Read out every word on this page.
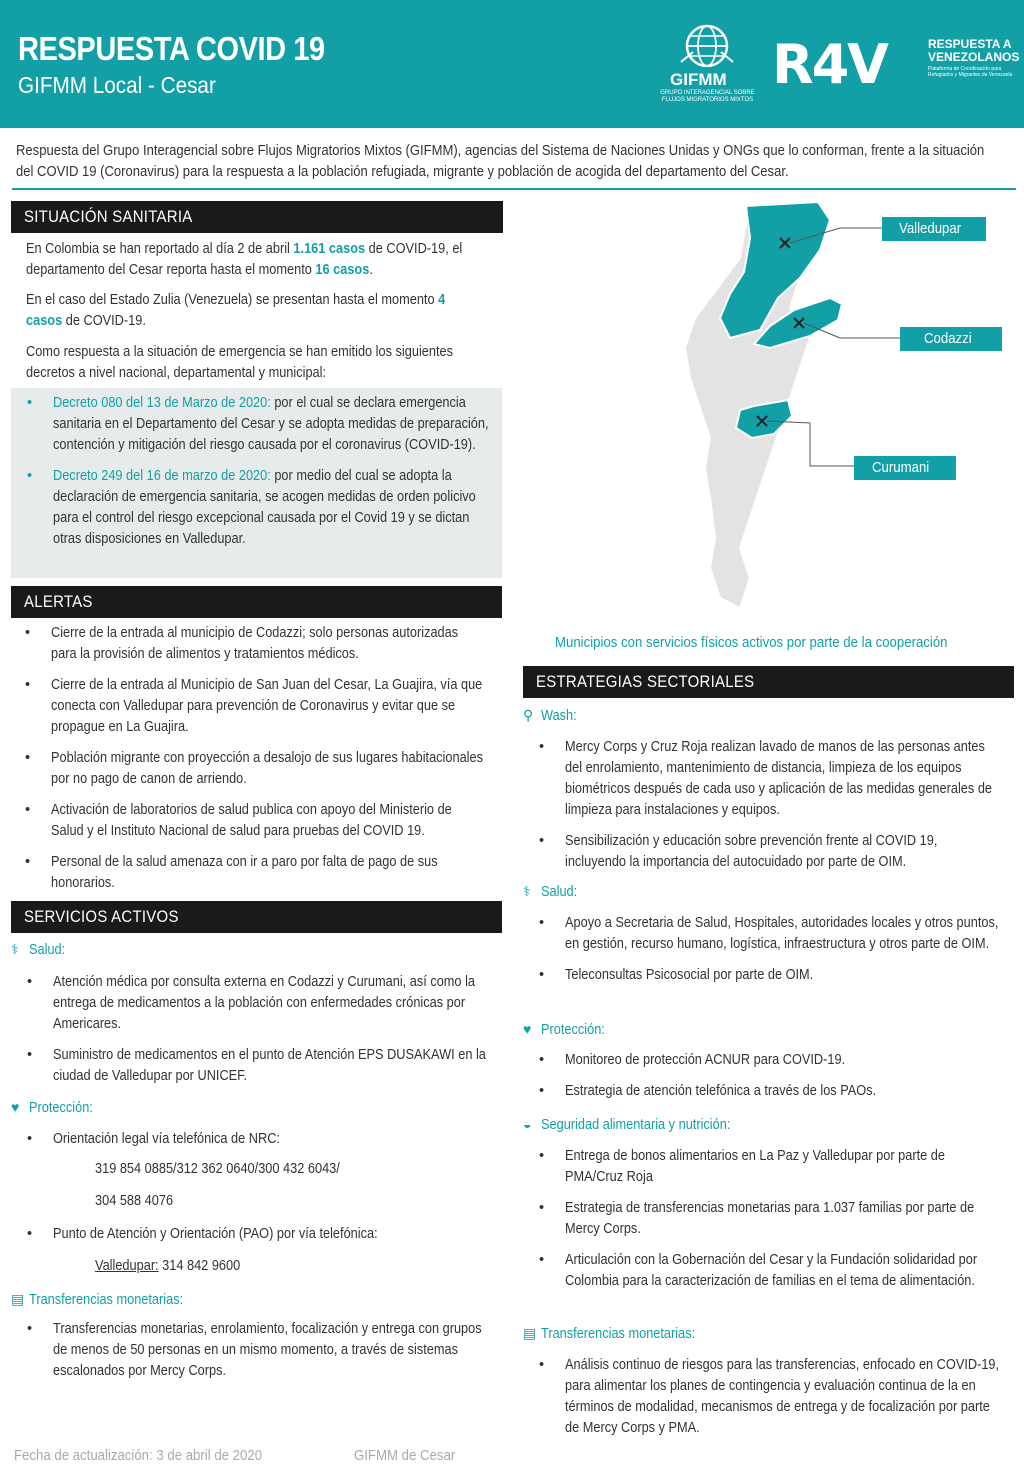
RESPUESTA COVID 19
GIFMM Local - Cesar	GIFMM
GRUPO INTERAGENCIAL SOBRE FLUJOS MIGRATORIOS MIXTOS
R4V	RESPUESTA A VENEZOLANOS
Plataforma de Coordinación para Refugiados y Migrantes de Venezuela
Respuesta del Grupo Interagencial sobre Flujos Migratorios Mixtos (GIFMM), agencias del Sistema de Naciones Unidas y ONGs que lo conforman, frente a la situación del COVID 19 (Coronavirus) para la respuesta a la población refugiada, migrante y población de acogida del departamento del Cesar.
SITUACIÓN SANITARIA
En Colombia se han reportado al día 2 de abril 1.161 casos de COVID-19, el departamento del Cesar reporta hasta el momento 16 casos.
En el caso del Estado Zulia (Venezuela) se presentan hasta el momento 4 casos de COVID-19.
Como respuesta a la situación de emergencia se han emitido los siguientes decretos a nivel nacional, departamental y municipal:
• Decreto 080 del 13 de Marzo de 2020: por el cual se declara emergencia sanitaria en el Departamento del Cesar y se adopta medidas de preparación, contención y mitigación del riesgo causada por el coronavirus (COVID-19).
• Decreto 249 del 16 de marzo de 2020: por medio del cual se adopta la declaración de emergencia sanitaria, se acogen medidas de orden policivo para el control del riesgo excepcional causada por el Covid 19 y se dictan otras disposiciones en Valledupar.
ALERTAS
• Cierre de la entrada al municipio de Codazzi; solo personas autorizadas para la provisión de alimentos y tratamientos médicos.
• Cierre de la entrada al Municipio de San Juan del Cesar, La Guajira, vía que conecta con Valledupar para prevención de Coronavirus y evitar que se propague en La Guajira.
• Población migrante con proyección a desalojo de sus lugares habitacionales por no pago de canon de arriendo.
• Activación de laboratorios de salud publica con apoyo del Ministerio de Salud y el Instituto Nacional de salud para pruebas del COVID 19.
• Personal de la salud amenaza con ir a paro por falta de pago de sus honorarios.
SERVICIOS ACTIVOS
⚕ Salud:
• Atención médica por consulta externa en Codazzi y Curumani, así como la entrega de medicamentos a la población con enfermedades crónicas por Americares.
• Suministro de medicamentos en el punto de Atención EPS DUSAKAWI en la ciudad de Valledupar por UNICEF.
♥ Protección:
• Orientación legal vía telefónica de NRC:
319 854 0885/312 362 0640/300 432 6043/
304 588 4076
• Punto de Atención y Orientación (PAO) por vía telefónica:
Valledupar: 314 842 9600
▤ Transferencias monetarias:
• Transferencias monetarias, enrolamiento, focalización y entrega con grupos de menos de 50 personas en un mismo momento, a través de sistemas escalonados por Mercy Corps.
Valledupar
Codazzi
Curumani
Municipios con servicios físicos activos por parte de la cooperación
ESTRATEGIAS SECTORIALES
⚲ Wash:
• Mercy Corps y Cruz Roja realizan lavado de manos de las personas antes del enrolamiento, mantenimiento de distancia, limpieza de los equipos biométricos después de cada uso y aplicación de las medidas generales de limpieza para instalaciones y equipos.
• Sensibilización y educación sobre prevención frente al COVID 19, incluyendo la importancia del autocuidado por parte de OIM.
⚕ Salud:
• Apoyo a Secretaria de Salud, Hospitales, autoridades locales y otros puntos, en gestión, recurso humano, logística, infraestructura y otros parte de OIM.
• Teleconsultas Psicosocial por parte de OIM.
♥ Protección:
• Monitoreo de protección ACNUR para COVID-19.
• Estrategia de atención telefónica a través de los PAOs.
◒ Seguridad alimentaria y nutrición:
• Entrega de bonos alimentarios en La Paz y Valledupar por parte de PMA/Cruz Roja
• Estrategia de transferencias monetarias para 1.037 familias por parte de Mercy Corps.
• Articulación con la Gobernación del Cesar y la Fundación solidaridad por Colombia para la caracterización de familias en el tema de alimentación.
▤ Transferencias monetarias:
• Análisis continuo de riesgos para las transferencias, enfocado en COVID-19, para alimentar los planes de contingencia y evaluación continua de la en términos de modalidad, mecanismos de entrega y de focalización por parte de Mercy Corps y PMA.
Fecha de actualización: 3 de abril de 2020	GIFMM de Cesar
